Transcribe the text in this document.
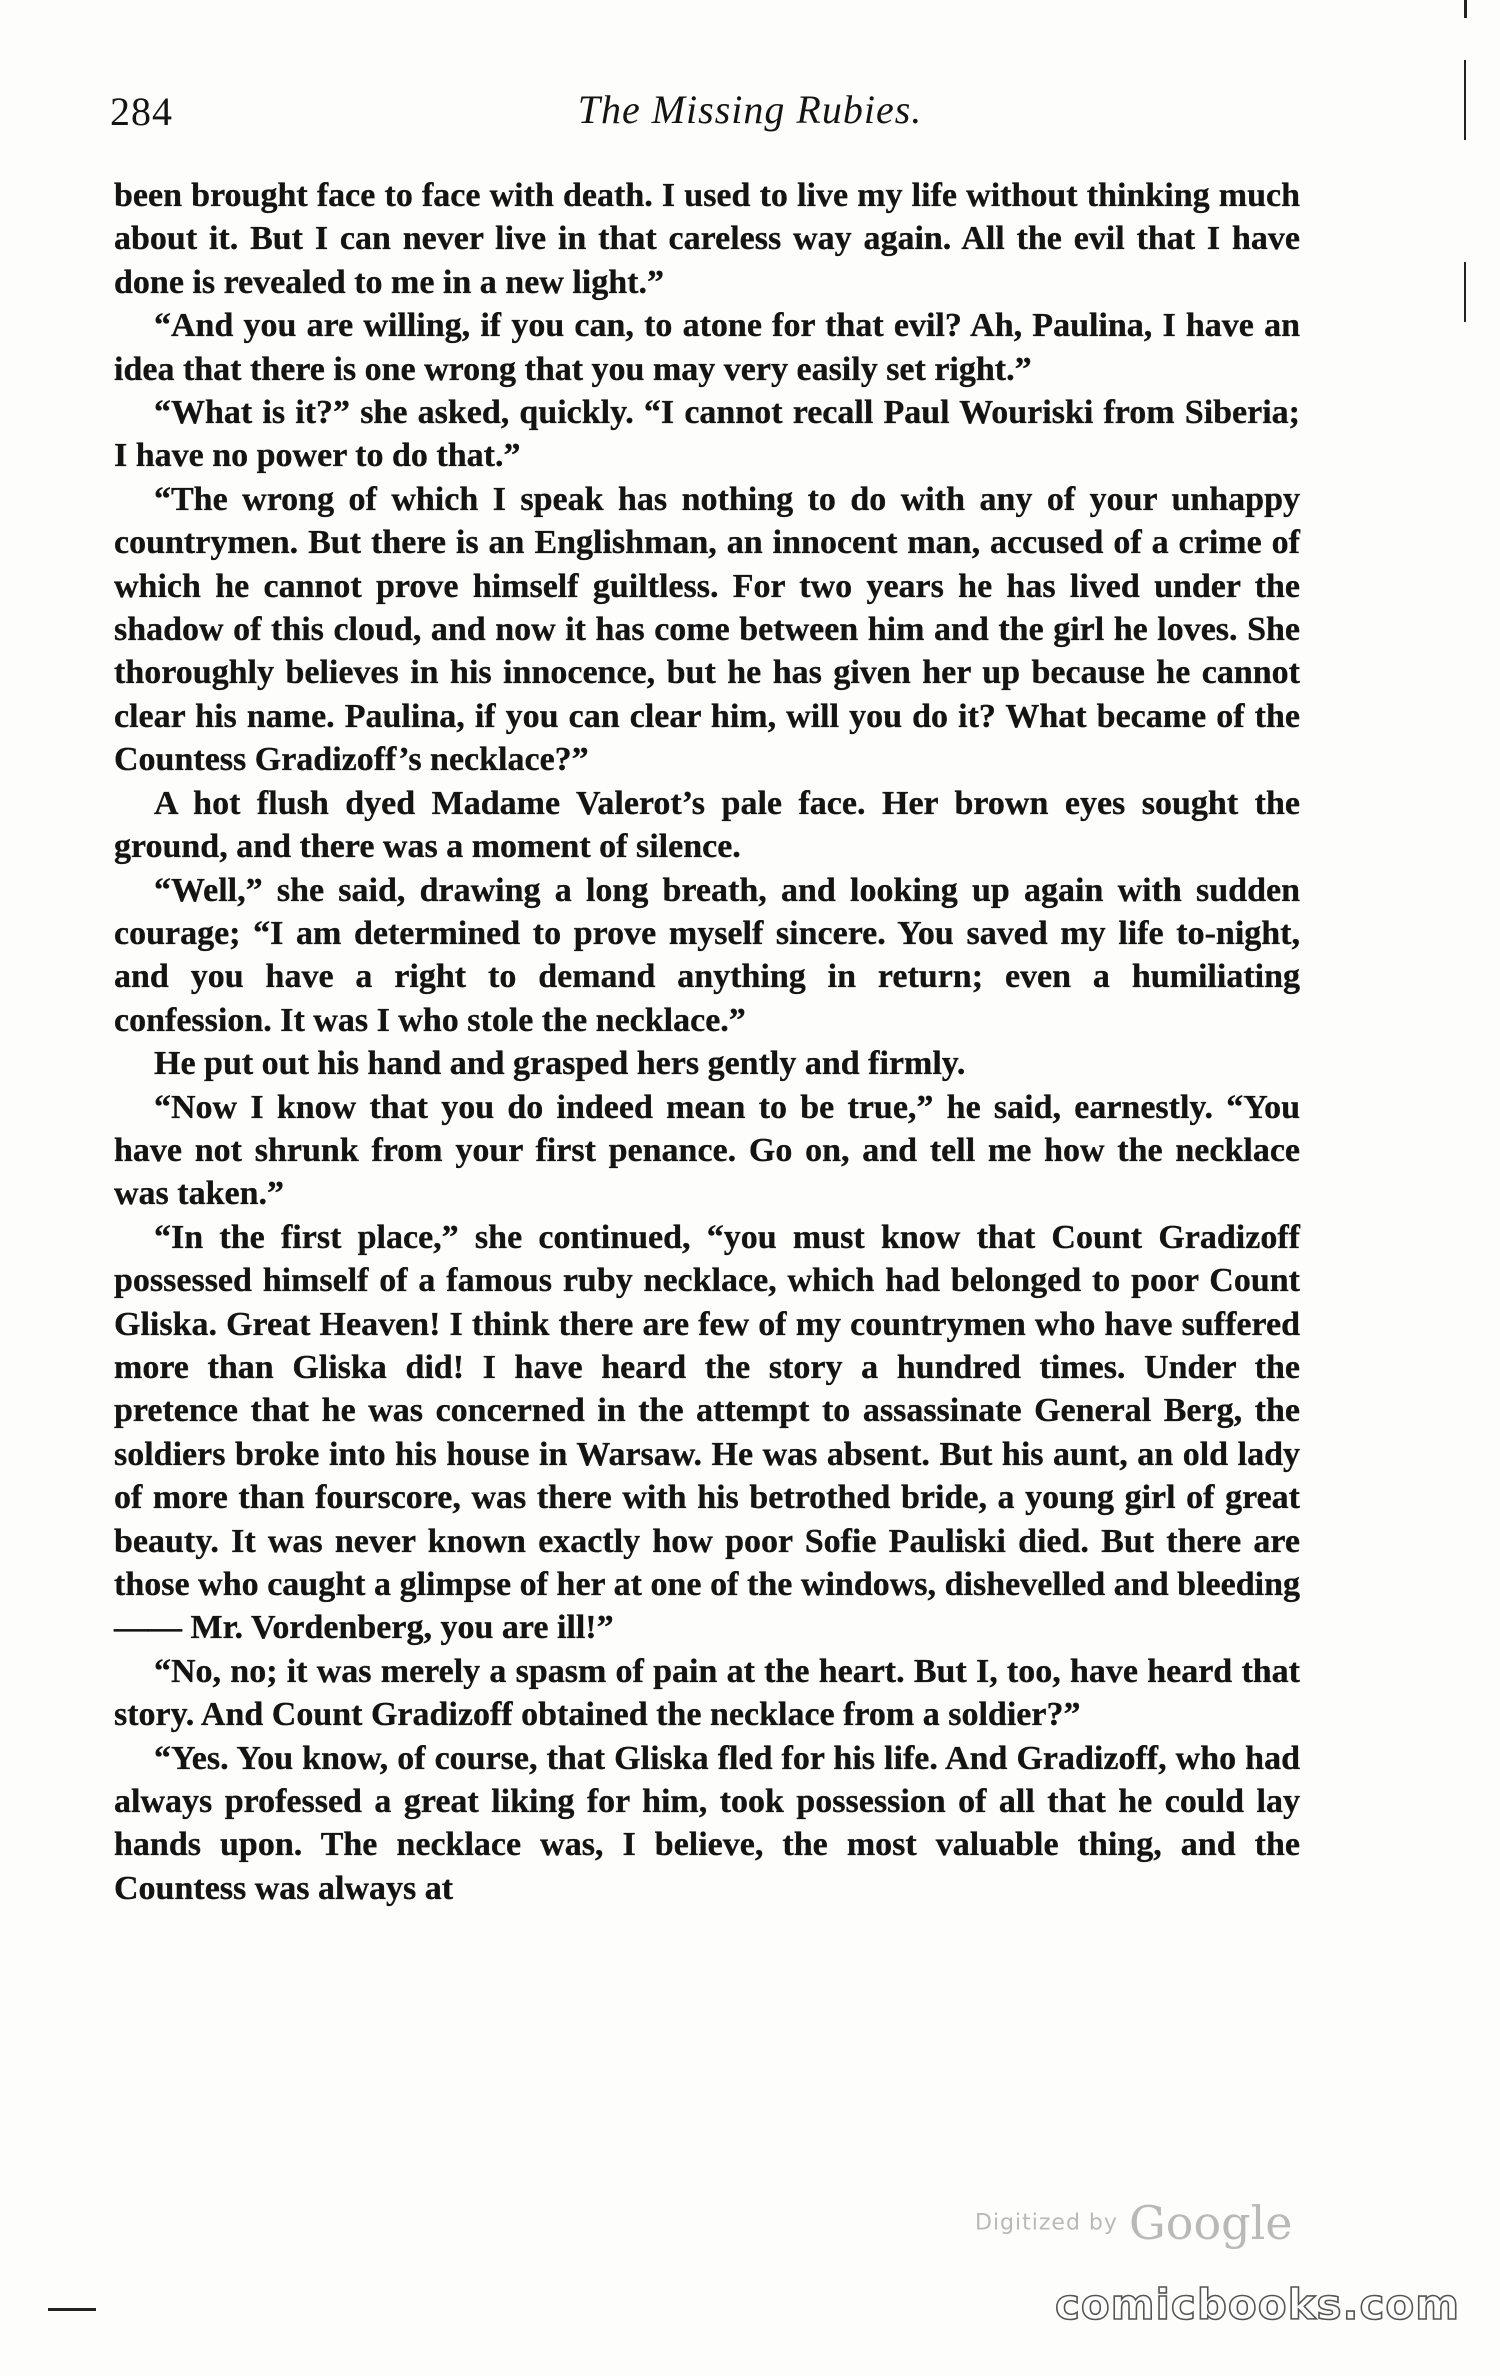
284	The Missing Rubies.

been brought face to face with death. I used to live my life without thinking much about it. But I can never live in that careless way again. All the evil that I have done is revealed to me in a new light.”

“And you are willing, if you can, to atone for that evil? Ah, Paulina, I have an idea that there is one wrong that you may very easily set right.”

“What is it?” she asked, quickly. “I cannot recall Paul Wouriski from Siberia; I have no power to do that.”

“The wrong of which I speak has nothing to do with any of your unhappy countrymen. But there is an Englishman, an innocent man, accused of a crime of which he cannot prove himself guiltless. For two years he has lived under the shadow of this cloud, and now it has come between him and the girl he loves. She thoroughly believes in his innocence, but he has given her up because he cannot clear his name. Paulina, if you can clear him, will you do it? What became of the Countess Gradizoff’s necklace?”

A hot flush dyed Madame Valerot’s pale face. Her brown eyes sought the ground, and there was a moment of silence.

“Well,” she said, drawing a long breath, and looking up again with sudden courage; “I am determined to prove myself sincere. You saved my life to-night, and you have a right to demand anything in return; even a humiliating confession. It was I who stole the necklace.”

He put out his hand and grasped hers gently and firmly.

“Now I know that you do indeed mean to be true,” he said, earnestly. “You have not shrunk from your first penance. Go on, and tell me how the necklace was taken.”

“In the first place,” she continued, “you must know that Count Gradizoff possessed himself of a famous ruby necklace, which had belonged to poor Count Gliska. Great Heaven! I think there are few of my countrymen who have suffered more than Gliska did! I have heard the story a hundred times. Under the pretence that he was concerned in the attempt to assassinate General Berg, the soldiers broke into his house in Warsaw. He was absent. But his aunt, an old lady of more than fourscore, was there with his betrothed bride, a young girl of great beauty. It was never known exactly how poor Sofie Pauliski died. But there are those who caught a glimpse of her at one of the windows, dishevelled and bleeding —— Mr. Vordenberg, you are ill!”

“No, no; it was merely a spasm of pain at the heart. But I, too, have heard that story. And Count Gradizoff obtained the necklace from a soldier?”

“Yes. You know, of course, that Gliska fled for his life. And Gradizoff, who had always professed a great liking for him, took possession of all that he could lay hands upon. The necklace was, I believe, the most valuable thing, and the Countess was always at

Digitized by Google
comicbooks.com
